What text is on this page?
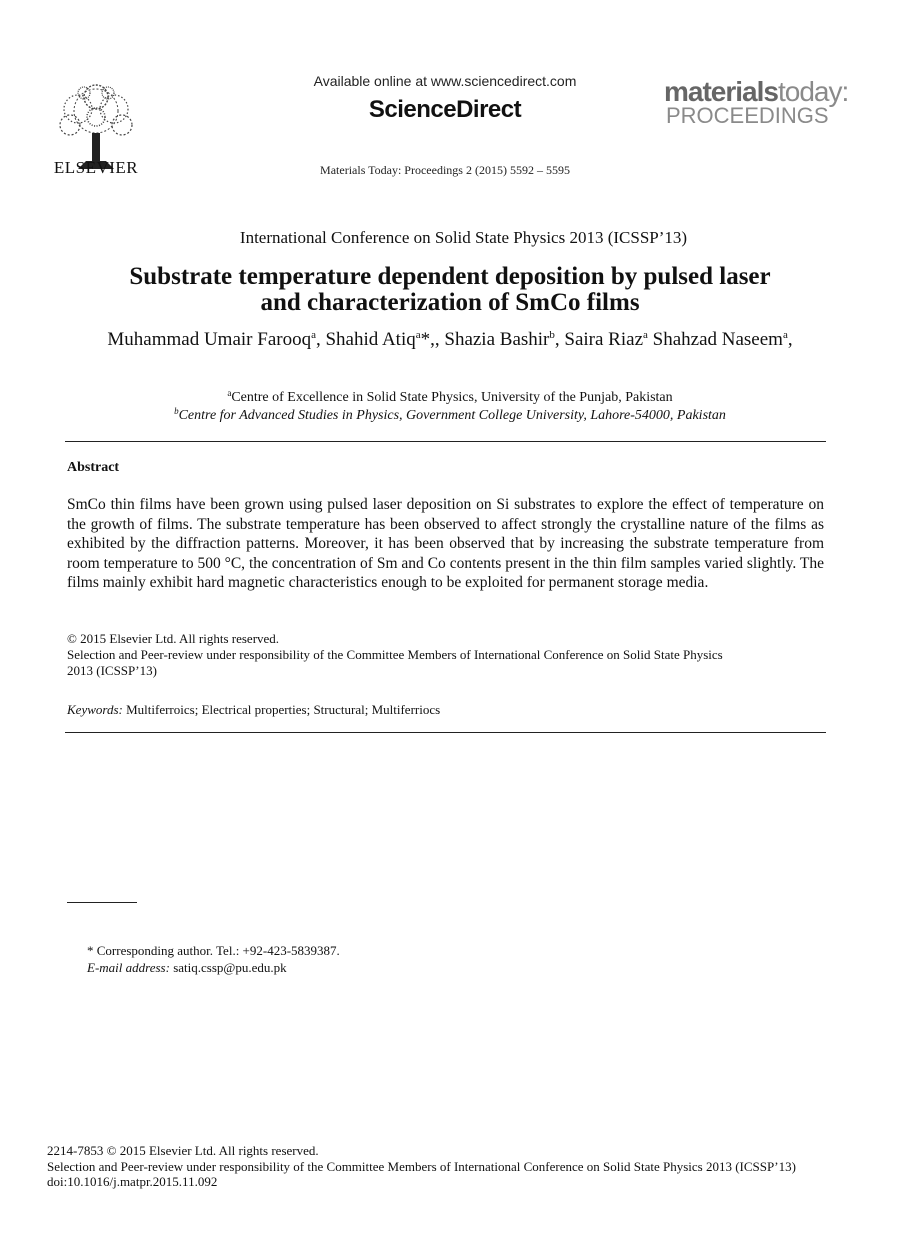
ELSEVIER
Available online at www.sciencedirect.com
ScienceDirect
Materials Today: Proceedings 2 (2015) 5592 – 5595
materialstoday:
PROCEEDINGS
International Conference on Solid State Physics 2013 (ICSSP’13)
Substrate temperature dependent deposition by pulsed laser
and characterization of SmCo films
Muhammad Umair Farooq$^a$, Shahid Atiq$^a$*,, Shazia Bashir$^b$, Saira Riaz$^a$ Shahzad Naseem$^a$,
$^a$Centre of Excellence in Solid State Physics, University of the Punjab, Pakistan
$^b$Centre for Advanced Studies in Physics, Government College University, Lahore-54000, Pakistan
Abstract
SmCo thin films have been grown using pulsed laser deposition on Si substrates to explore the effect of temperature on the growth of films. The substrate temperature has been observed to affect strongly the crystalline nature of the films as exhibited by the diffraction patterns. Moreover, it has been observed that by increasing the substrate temperature from room temperature to 500 °C, the concentration of Sm and Co contents present in the thin film samples varied slightly. The films mainly exhibit hard magnetic characteristics enough to be exploited for permanent storage media.
© 2015 Elsevier Ltd. All rights reserved.
Selection and Peer-review under responsibility of the Committee Members of International Conference on Solid State Physics
2013 (ICSSP’13)
Keywords: Multiferroics; Electrical properties; Structural; Multiferriocs
* Corresponding author. Tel.: +92-423-5839387.
E-mail address: satiq.cssp@pu.edu.pk
2214-7853 © 2015 Elsevier Ltd. All rights reserved.
Selection and Peer-review under responsibility of the Committee Members of International Conference on Solid State Physics 2013 (ICSSP’13)
doi:10.1016/j.matpr.2015.11.092
